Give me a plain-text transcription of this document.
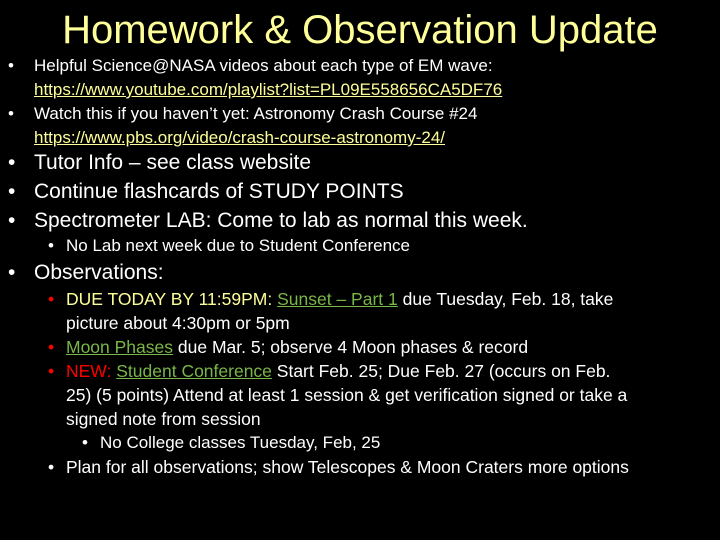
Homework & Observation Update
• Helpful Science@NASA videos about each type of EM wave:
https://www.youtube.com/playlist?list=PL09E558656CA5DF76
• Watch this if you haven’t yet: Astronomy Crash Course #24
https://www.pbs.org/video/crash-course-astronomy-24/
• Tutor Info – see class website
• Continue flashcards of STUDY POINTS
• Spectrometer LAB: Come to lab as normal this week.
• No Lab next week due to Student Conference
• Observations:
• DUE TODAY BY 11:59PM: Sunset – Part 1 due Tuesday, Feb. 18, take
picture about 4:30pm or 5pm
• Moon Phases due Mar. 5; observe 4 Moon phases & record
• NEW: Student Conference Start Feb. 25; Due Feb. 27 (occurs on Feb.
25) (5 points) Attend at least 1 session & get verification signed or take a
signed note from session
• No College classes Tuesday, Feb, 25
• Plan for all observations; show Telescopes & Moon Craters more options
